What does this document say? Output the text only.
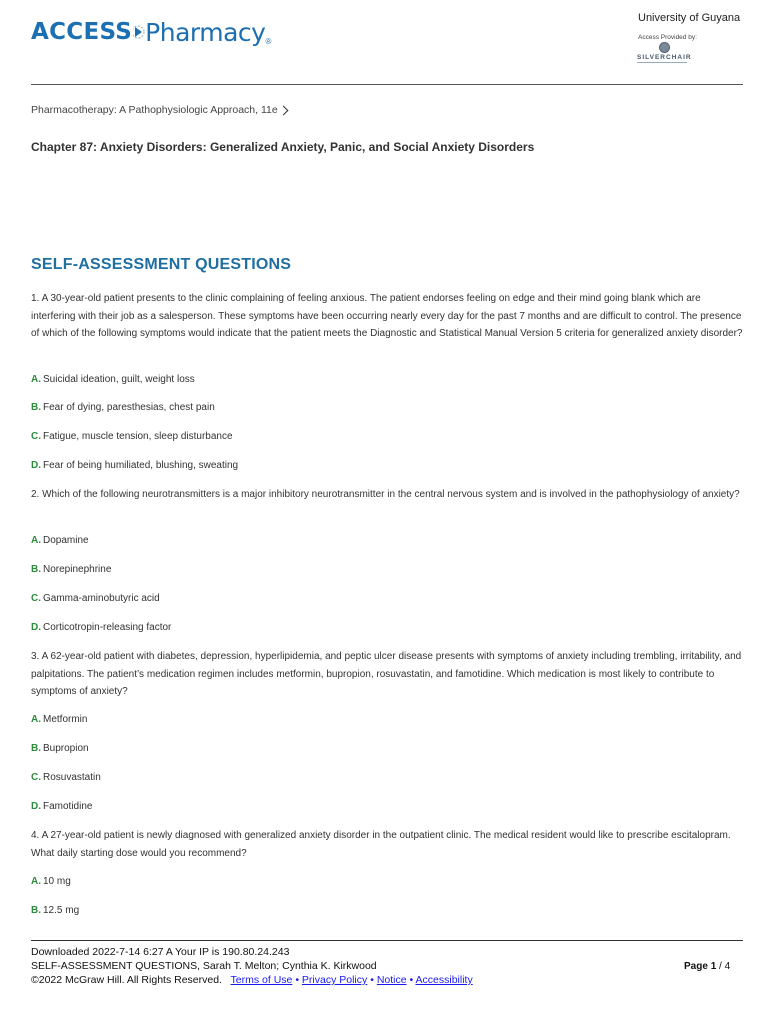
ACCESS Pharmacy ®
University of Guyana
Access Provided by:
SILVERCHAIR
Pharmacotherapy: A Pathophysiologic Approach, 11e
Chapter 87: Anxiety Disorders: Generalized Anxiety, Panic, and Social Anxiety Disorders
SELF-ASSESSMENT QUESTIONS
1. A 30-year-old patient presents to the clinic complaining of feeling anxious. The patient endorses feeling on edge and their mind going blank which are interfering with their job as a salesperson. These symptoms have been occurring nearly every day for the past 7 months and are difficult to control. The presence of which of the following symptoms would indicate that the patient meets the Diagnostic and Statistical Manual Version 5 criteria for generalized anxiety disorder?
A. Suicidal ideation, guilt, weight loss
B. Fear of dying, paresthesias, chest pain
C. Fatigue, muscle tension, sleep disturbance
D. Fear of being humiliated, blushing, sweating
2. Which of the following neurotransmitters is a major inhibitory neurotransmitter in the central nervous system and is involved in the pathophysiology of anxiety?
A. Dopamine
B. Norepinephrine
C. Gamma-aminobutyric acid
D. Corticotropin-releasing factor
3. A 62-year-old patient with diabetes, depression, hyperlipidemia, and peptic ulcer disease presents with symptoms of anxiety including trembling, irritability, and palpitations. The patient’s medication regimen includes metformin, bupropion, rosuvastatin, and famotidine. Which medication is most likely to contribute to symptoms of anxiety?
A. Metformin
B. Bupropion
C. Rosuvastatin
D. Famotidine
4. A 27-year-old patient is newly diagnosed with generalized anxiety disorder in the outpatient clinic. The medical resident would like to prescribe escitalopram. What daily starting dose would you recommend?
A. 10 mg
B. 12.5 mg
Downloaded 2022-7-14 6:27 A Your IP is 190.80.24.243
SELF-ASSESSMENT QUESTIONS, Sarah T. Melton; Cynthia K. Kirkwood
©2022 McGraw Hill. All Rights Reserved. Terms of Use • Privacy Policy • Notice • Accessibility
Page 1 / 4
